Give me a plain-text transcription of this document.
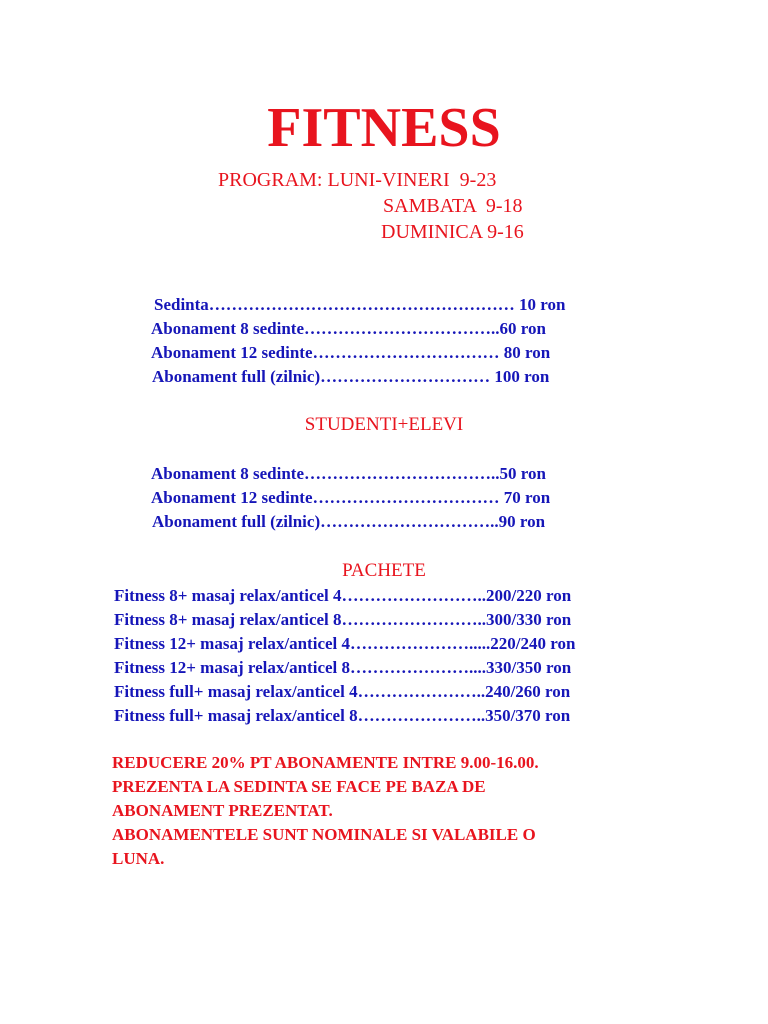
FITNESS
PROGRAM: LUNI-VINERI  9-23
SAMBATA  9-18
DUMINICA 9-16
Sedinta……………………………………………… 10 ron
Abonament 8 sedinte……………………………..60 ron
Abonament 12 sedinte…………………………… 80 ron
Abonament full (zilnic)………………………… 100 ron
STUDENTI+ELEVI
Abonament 8 sedinte……………………………..50 ron
Abonament 12 sedinte…………………………… 70 ron
Abonament full (zilnic)…………………………..90 ron
PACHETE
Fitness 8+ masaj relax/anticel 4……………………..200/220 ron
Fitness 8+ masaj relax/anticel 8……………………..300/330 ron
Fitness 12+ masaj relax/anticel 4………………….....220/240 ron
Fitness 12+ masaj relax/anticel 8…………………....330/350 ron
Fitness full+ masaj relax/anticel 4…………………..240/260 ron
Fitness full+ masaj relax/anticel 8…………………..350/370 ron
REDUCERE 20% PT ABONAMENTE INTRE 9.00-16.00.
PREZENTA LA SEDINTA SE FACE PE BAZA DE
ABONAMENT PREZENTAT.
ABONAMENTELE SUNT NOMINALE SI VALABILE O
LUNA.
